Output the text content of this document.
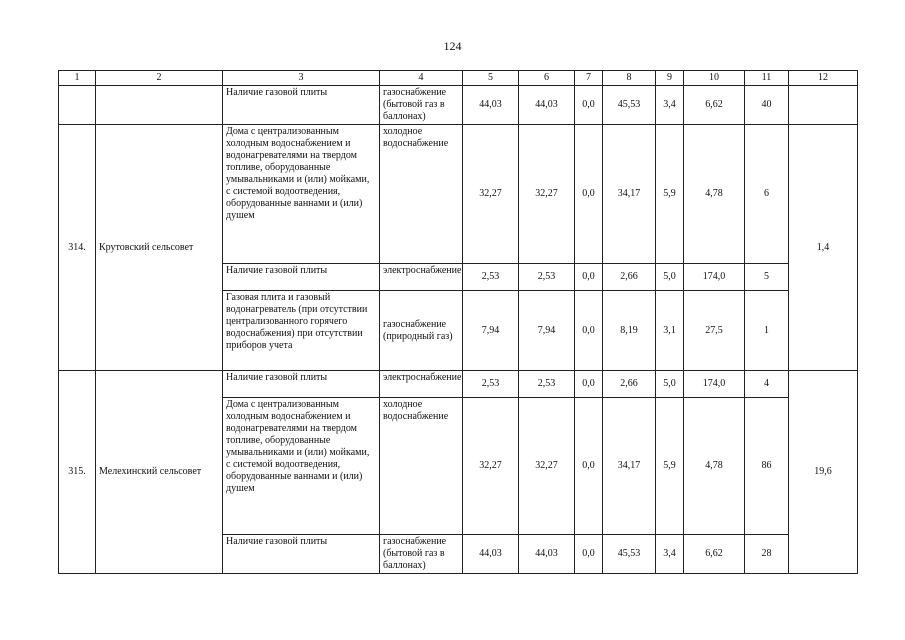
124
1	2	3	4	5	6	7	8	9	10	11	12
		Наличие газовой плиты	газоснабжение (бытовой газ в баллонах)	44,03	44,03	0,0	45,53	3,4	6,62	40	
314.	Крутовский сельсовет	Дома с централизованным холодным водоснабжением и водонагревателями на твердом топливе, оборудованные умывальниками и (или) мойками, с системой водоотведения, оборудованные ваннами и (или) душем	холодное водоснабжение	32,27	32,27	0,0	34,17	5,9	4,78	6	1,4
		Наличие газовой плиты	электроснабжение	2,53	2,53	0,0	2,66	5,0	174,0	5	
		Газовая плита и газовый водонагреватель (при отсутствии централизованного горячего водоснабжения) при отсутствии приборов учета	газоснабжение (природный газ)	7,94	7,94	0,0	8,19	3,1	27,5	1	
315.	Мелехинский сельсовет	Наличие газовой плиты	электроснабжение	2,53	2,53	0,0	2,66	5,0	174,0	4	19,6
		Дома с централизованным холодным водоснабжением и водонагревателями на твердом топливе, оборудованные умывальниками и (или) мойками, с системой водоотведения, оборудованные ваннами и (или) душем	холодное водоснабжение	32,27	32,27	0,0	34,17	5,9	4,78	86	
		Наличие газовой плиты	газоснабжение (бытовой газ в баллонах)	44,03	44,03	0,0	45,53	3,4	6,62	28	
